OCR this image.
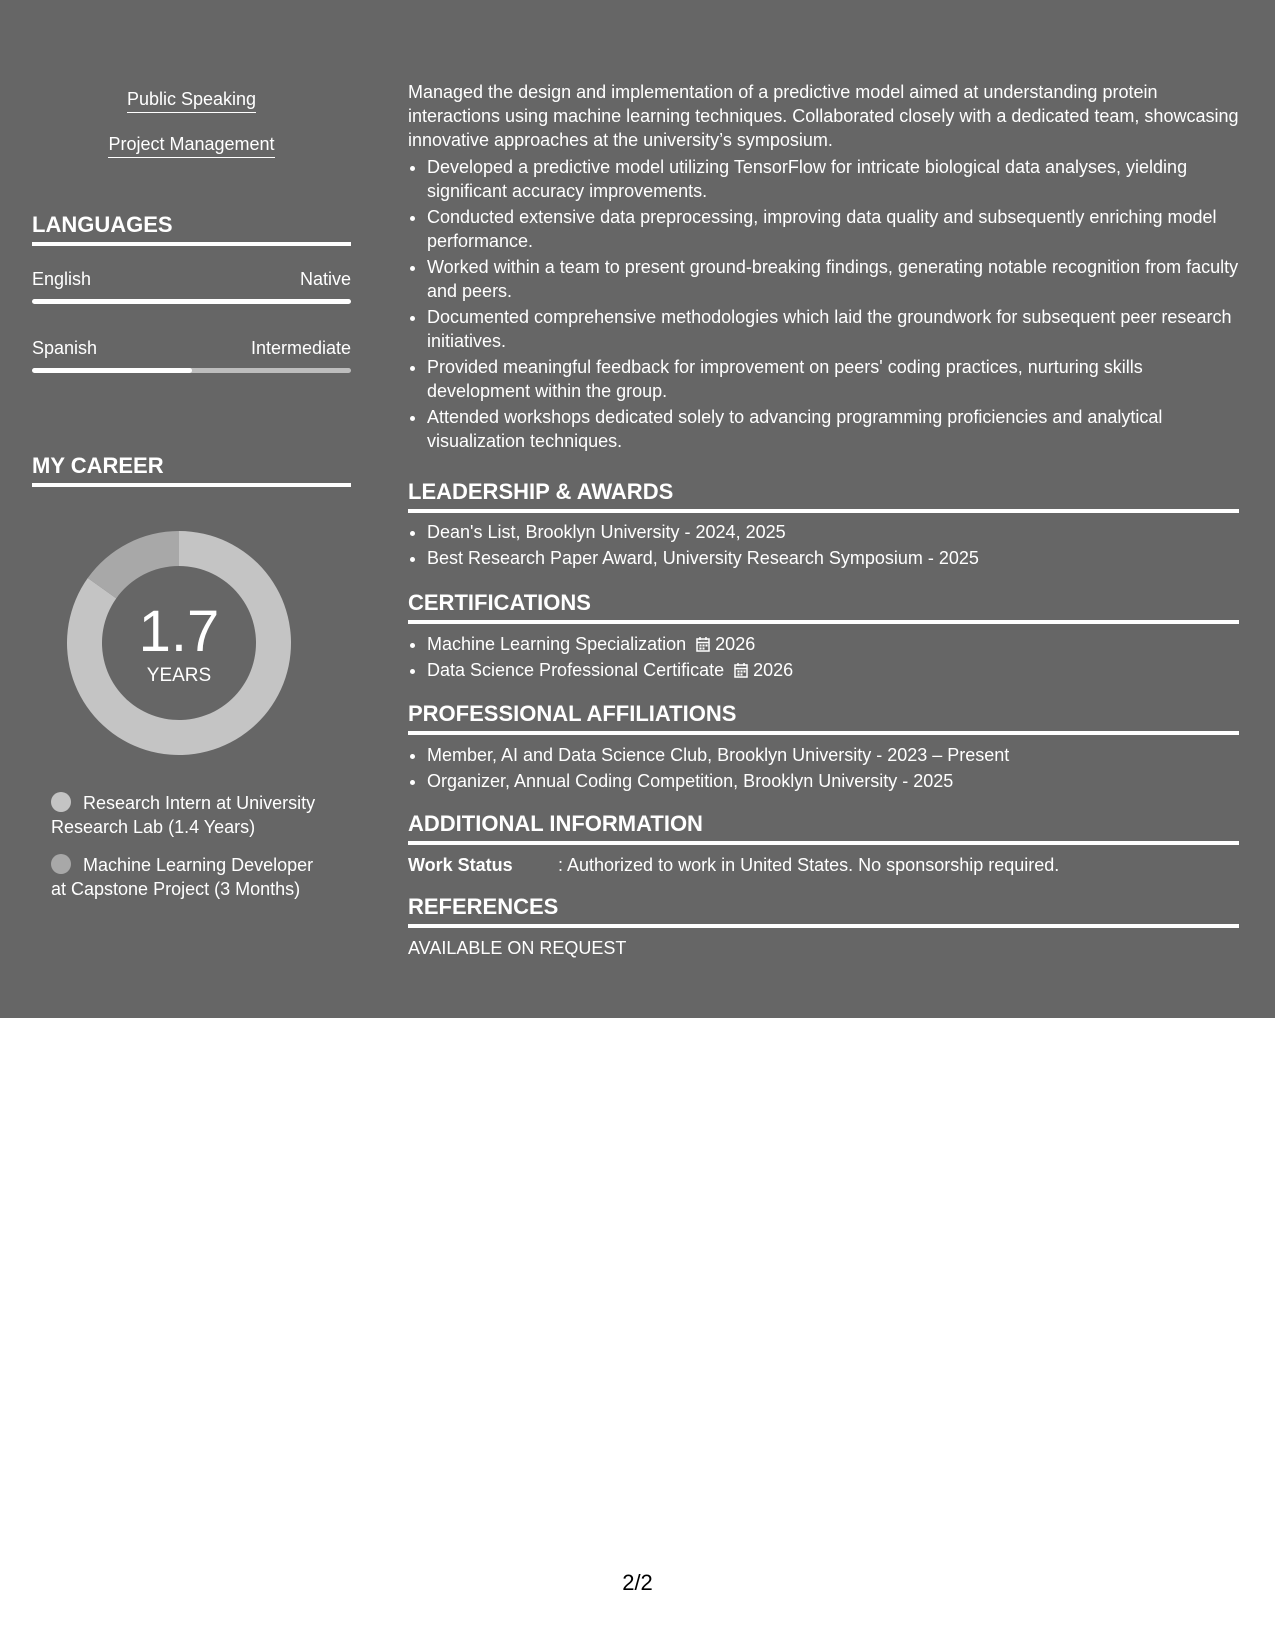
Public Speaking
Project Management
LANGUAGES
English	Native
Spanish	Intermediate
MY CAREER
1.7
YEARS
Research Intern at University Research Lab (1.4 Years)
Machine Learning Developer at Capstone Project (3 Months)

Managed the design and implementation of a predictive model aimed at understanding protein interactions using machine learning techniques. Collaborated closely with a dedicated team, showcasing innovative approaches at the university’s symposium.

• Developed a predictive model utilizing TensorFlow for intricate biological data analyses, yielding significant accuracy improvements.
• Conducted extensive data preprocessing, improving data quality and subsequently enriching model performance.
• Worked within a team to present ground-breaking findings, generating notable recognition from faculty and peers.
• Documented comprehensive methodologies which laid the groundwork for subsequent peer research initiatives.
• Provided meaningful feedback for improvement on peers' coding practices, nurturing skills development within the group.
• Attended workshops dedicated solely to advancing programming proficiencies and analytical visualization techniques.
LEADERSHIP & AWARDS
• Dean's List, Brooklyn University - 2024, 2025
• Best Research Paper Award, University Research Symposium - 2025
CERTIFICATIONS
• Machine Learning Specialization 2026
• Data Science Professional Certificate 2026
PROFESSIONAL AFFILIATIONS
• Member, AI and Data Science Club, Brooklyn University - 2023 – Present
• Organizer, Annual Coding Competition, Brooklyn University - 2025
ADDITIONAL INFORMATION
Work Status	: Authorized to work in United States. No sponsorship required.
REFERENCES
AVAILABLE ON REQUEST
2/2
